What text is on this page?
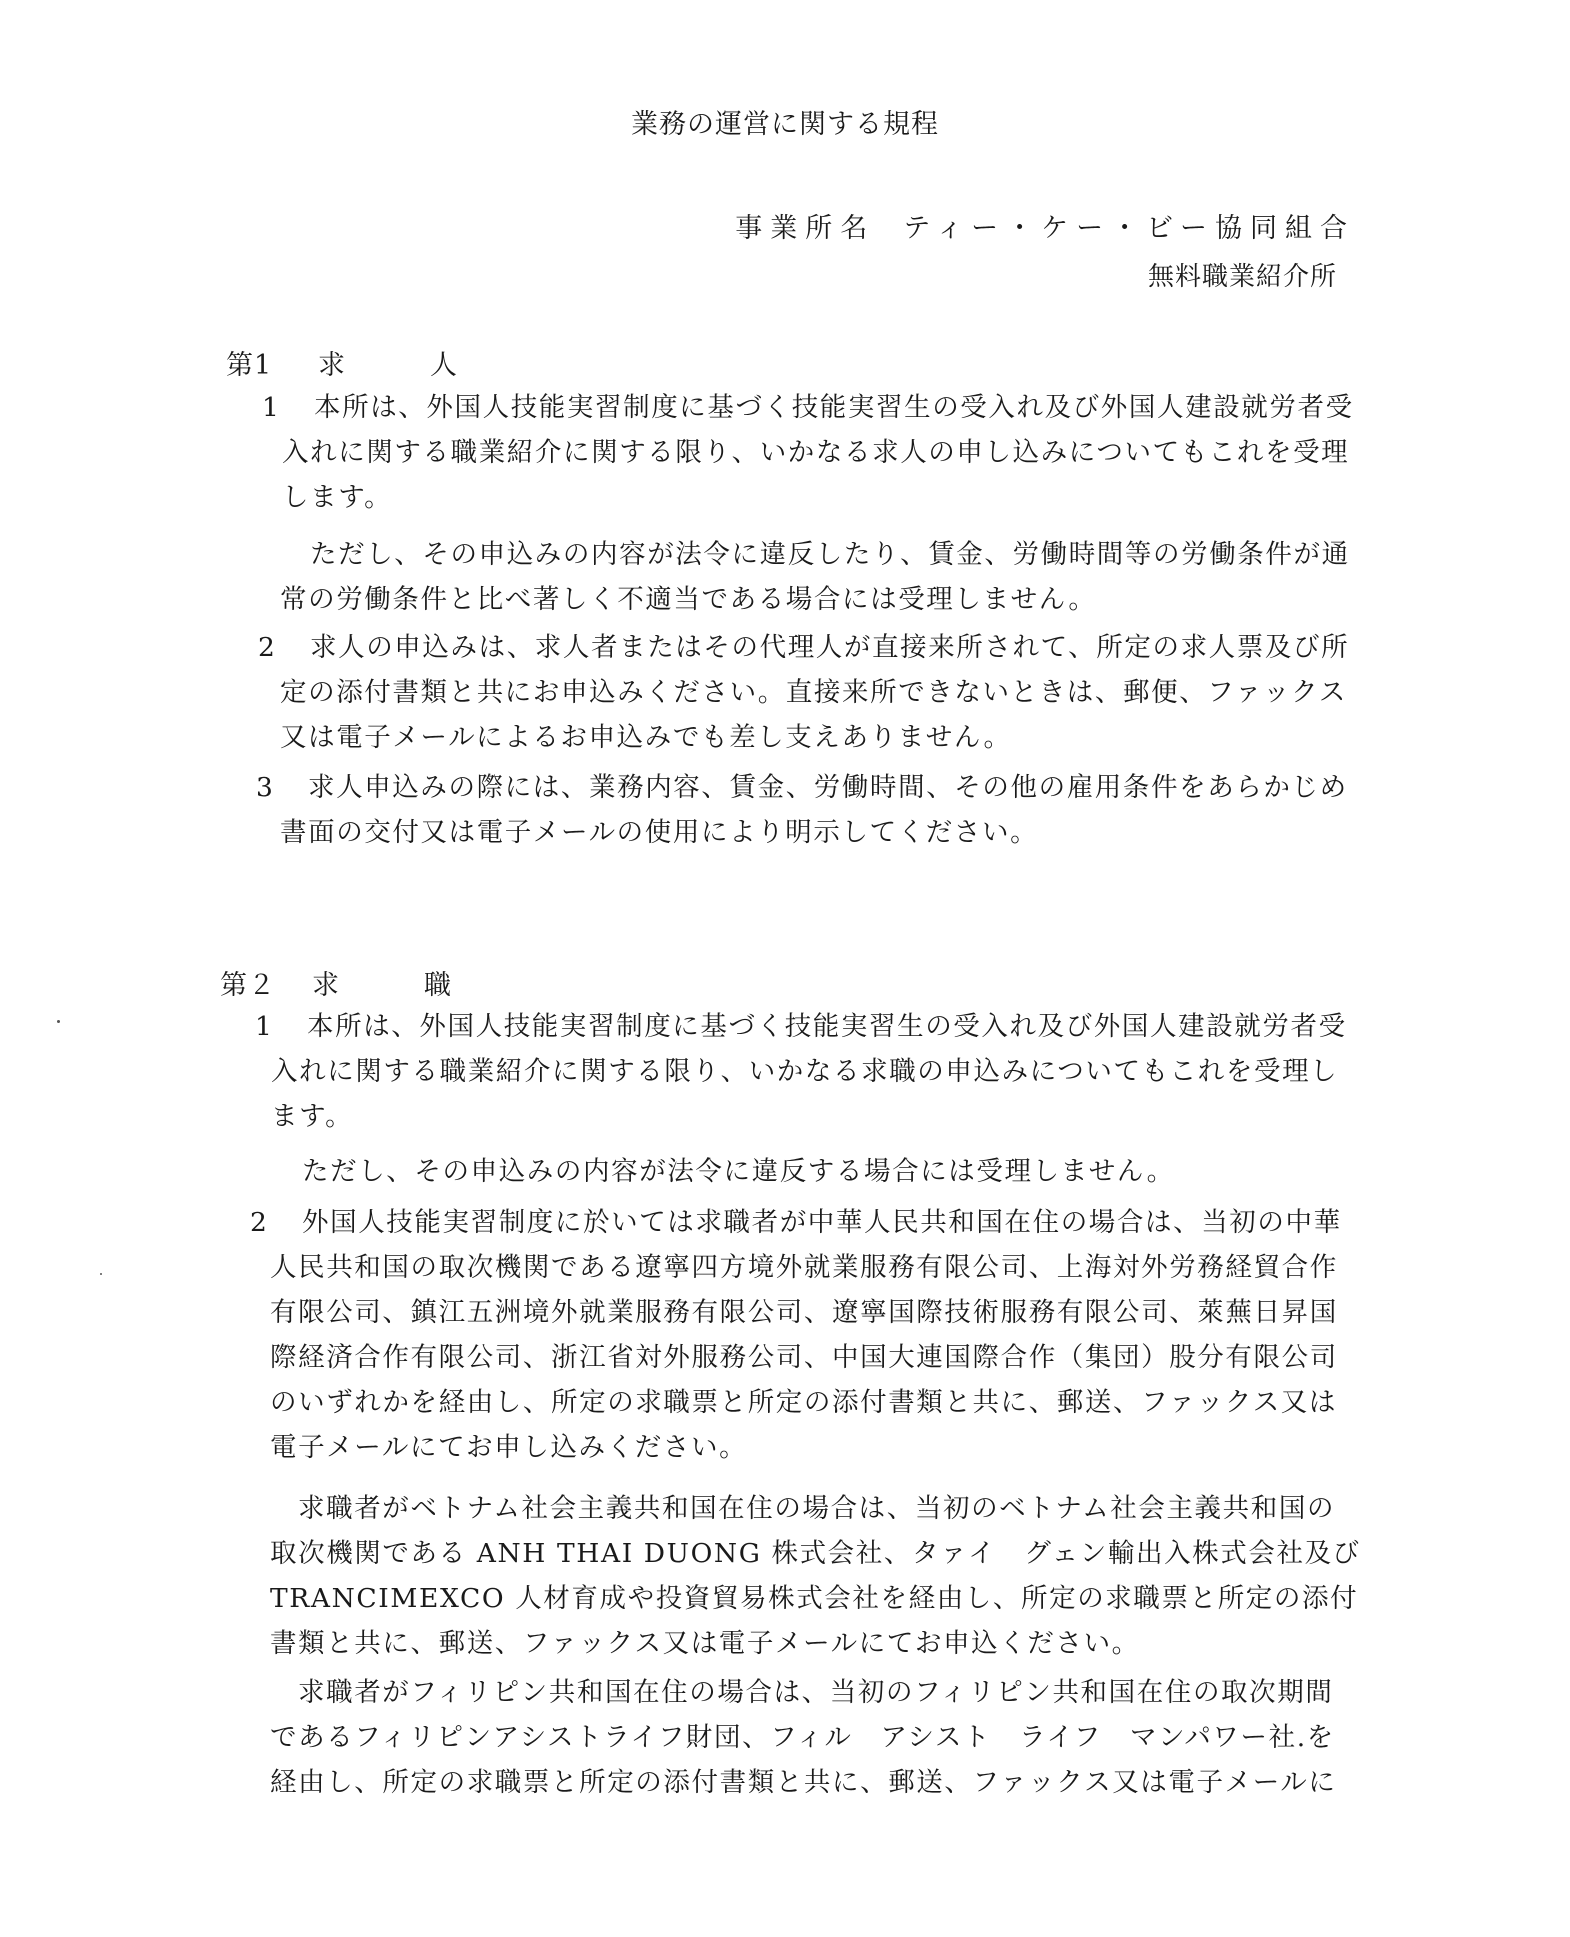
業務の運営に関する規程
事業所名 ティー・ケー・ビー協同組合
無料職業紹介所
第1 求	人
1 本所は、外国人技能実習制度に基づく技能実習生の受入れ及び外国人建設就労者受
入れに関する職業紹介に関する限り、いかなる求人の申し込みについてもこれを受理
します。
ただし、その申込みの内容が法令に違反したり、賃金、労働時間等の労働条件が通
常の労働条件と比べ著しく不適当である場合には受理しません。
2 求人の申込みは、求人者またはその代理人が直接来所されて、所定の求人票及び所
定の添付書類と共にお申込みください。直接来所できないときは、郵便、ファックス
又は電子メールによるお申込みでも差し支えありません。
3 求人申込みの際には、業務内容、賃金、労働時間、その他の雇用条件をあらかじめ
書面の交付又は電子メールの使用により明示してください。
第２ 求	職
1 本所は、外国人技能実習制度に基づく技能実習生の受入れ及び外国人建設就労者受
入れに関する職業紹介に関する限り、いかなる求職の申込みについてもこれを受理し
ます。
ただし、その申込みの内容が法令に違反する場合には受理しません。
2 外国人技能実習制度に於いては求職者が中華人民共和国在住の場合は、当初の中華
人民共和国の取次機関である遼寧四方境外就業服務有限公司、上海対外労務経貿合作
有限公司、鎮江五洲境外就業服務有限公司、遼寧国際技術服務有限公司、萊蕪日昇国
際経済合作有限公司、浙江省対外服務公司、中国大連国際合作（集団）股分有限公司
のいずれかを経由し、所定の求職票と所定の添付書類と共に、郵送、ファックス又は
電子メールにてお申し込みください。
求職者がベトナム社会主義共和国在住の場合は、当初のベトナム社会主義共和国の
取次機関である ANH THAI DUONG 株式会社、タァイ　グェン輸出入株式会社及び
TRANCIMEXCO 人材育成や投資貿易株式会社を経由し、所定の求職票と所定の添付
書類と共に、郵送、ファックス又は電子メールにてお申込ください。
求職者がフィリピン共和国在住の場合は、当初のフィリピン共和国在住の取次期間
であるフィリピンアシストライフ財団、フィル　アシスト　ライフ　マンパワー社.を
経由し、所定の求職票と所定の添付書類と共に、郵送、ファックス又は電子メールに
